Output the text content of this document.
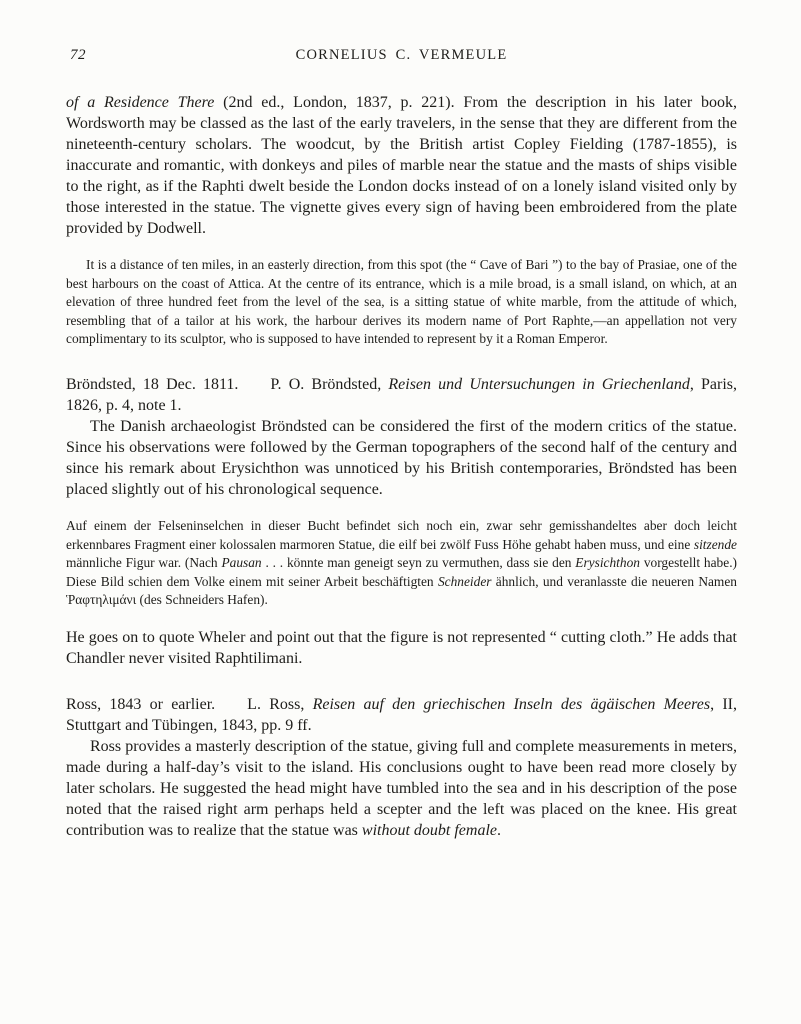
72	CORNELIUS C. VERMEULE

of a Residence There (2nd ed., London, 1837, p. 221). From the description in his later book, Wordsworth may be classed as the last of the early travelers, in the sense that they are different from the nineteenth-century scholars. The woodcut, by the British artist Copley Fielding (1787-1855), is inaccurate and romantic, with donkeys and piles of marble near the statue and the masts of ships visible to the right, as if the Raphti dwelt beside the London docks instead of on a lonely island visited only by those interested in the statue. The vignette gives every sign of having been embroidered from the plate provided by Dodwell.

It is a distance of ten miles, in an easterly direction, from this spot (the “ Cave of Bari ”) to the bay of Prasiae, one of the best harbours on the coast of Attica. At the centre of its entrance, which is a mile broad, is a small island, on which, at an elevation of three hundred feet from the level of the sea, is a sitting statue of white marble, from the attitude of which, resembling that of a tailor at his work, the harbour derives its modern name of Port Raphte,—an appellation not very complimentary to its sculptor, who is supposed to have intended to represent by it a Roman Emperor.

Bröndsted, 18 Dec. 1811.  P. O. Bröndsted, Reisen und Untersuchungen in Griechenland, Paris, 1826, p. 4, note 1.

The Danish archaeologist Bröndsted can be considered the first of the modern critics of the statue. Since his observations were followed by the German topographers of the second half of the century and since his remark about Erysichthon was unnoticed by his British contemporaries, Bröndsted has been placed slightly out of his chronological sequence.

Auf einem der Felseninselchen in dieser Bucht befindet sich noch ein, zwar sehr gemisshandeltes aber doch leicht erkennbares Fragment einer kolossalen marmoren Statue, die eilf bei zwölf Fuss Höhe gehabt haben muss, und eine sitzende männliche Figur war. (Nach Pausan . . . könnte man geneigt seyn zu vermuthen, dass sie den Erysichthon vorgestellt habe.) Diese Bild schien dem Volke einem mit seiner Arbeit beschäftigten Schneider ähnlich, und veranlasste die neueren Namen Ῥαφτηλιμάνι (des Schneiders Hafen).

He goes on to quote Wheler and point out that the figure is not represented “ cutting cloth.” He adds that Chandler never visited Raphtilimani.

Ross, 1843 or earlier.  L. Ross, Reisen auf den griechischen Inseln des ägäischen Meeres, II, Stuttgart and Tübingen, 1843, pp. 9 ff.

Ross provides a masterly description of the statue, giving full and complete measurements in meters, made during a half-day’s visit to the island. His conclusions ought to have been read more closely by later scholars. He suggested the head might have tumbled into the sea and in his description of the pose noted that the raised right arm perhaps held a scepter and the left was placed on the knee. His great contribution was to realize that the statue was without doubt female.
